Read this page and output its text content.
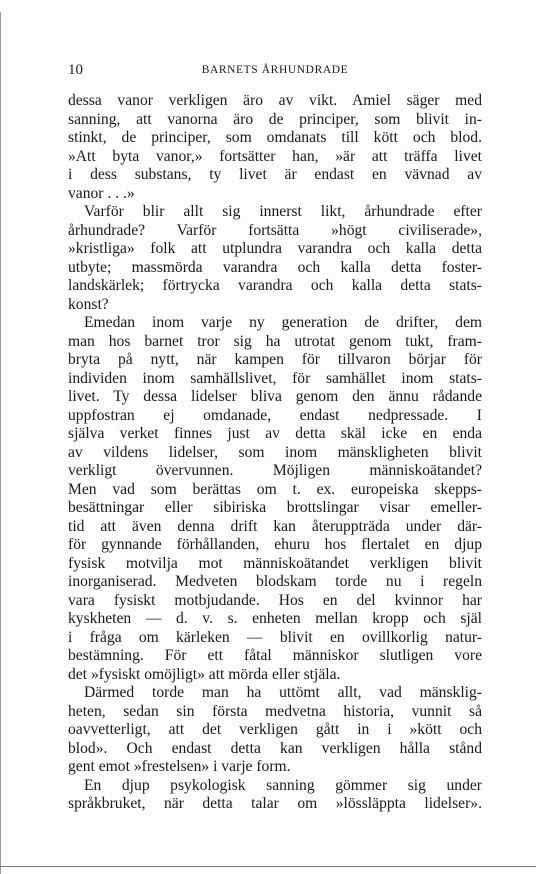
10	BARNETS ÅRHUNDRADE
dessa vanor verkligen äro av vikt. Amiel säger med
sanning, att vanorna äro de principer, som blivit in-
stinkt, de principer, som omdanats till kött och blod.
»Att byta vanor,» fortsätter han, »är att träffa livet
i dess substans, ty livet är endast en vävnad av
vanor . . .»
Varför blir allt sig innerst likt, århundrade efter
århundrade? Varför fortsätta »högt civiliserade»,
»kristliga» folk att utplundra varandra och kalla detta
utbyte; massmörda varandra och kalla detta foster-
landskärlek; förtrycka varandra och kalla detta stats-
konst?
Emedan inom varje ny generation de drifter, dem
man hos barnet tror sig ha utrotat genom tukt, fram-
bryta på nytt, när kampen för tillvaron börjar för
individen inom samhällslivet, för samhället inom stats-
livet. Ty dessa lidelser bliva genom den ännu rådande
uppfostran ej omdanade, endast nedpressade. I
själva verket finnes just av detta skäl icke en enda
av vildens lidelser, som inom mänskligheten blivit
verkligt övervunnen. Möjligen människoätandet?
Men vad som berättas om t. ex. europeiska skepps-
besättningar eller sibiriska brottslingar visar emeller-
tid att även denna drift kan återuppträda under där-
för gynnande förhållanden, ehuru hos flertalet en djup
fysisk motvilja mot människoätandet verkligen blivit
inorganiserad. Medveten blodskam torde nu i regeln
vara fysiskt motbjudande. Hos en del kvinnor har
kyskheten — d. v. s. enheten mellan kropp och själ
i fråga om kärleken — blivit en ovillkorlig natur-
bestämning. För ett fåtal människor slutligen vore
det »fysiskt omöjligt» att mörda eller stjäla.
Därmed torde man ha uttömt allt, vad mänsklig-
heten, sedan sin första medvetna historia, vunnit så
oavvetterligt, att det verkligen gått in i »kött och
blod». Och endast detta kan verkligen hålla stånd
gent emot »frestelsen» i varje form.
En djup psykologisk sanning gömmer sig under
språkbruket, när detta talar om »lössläppta lidelser».
